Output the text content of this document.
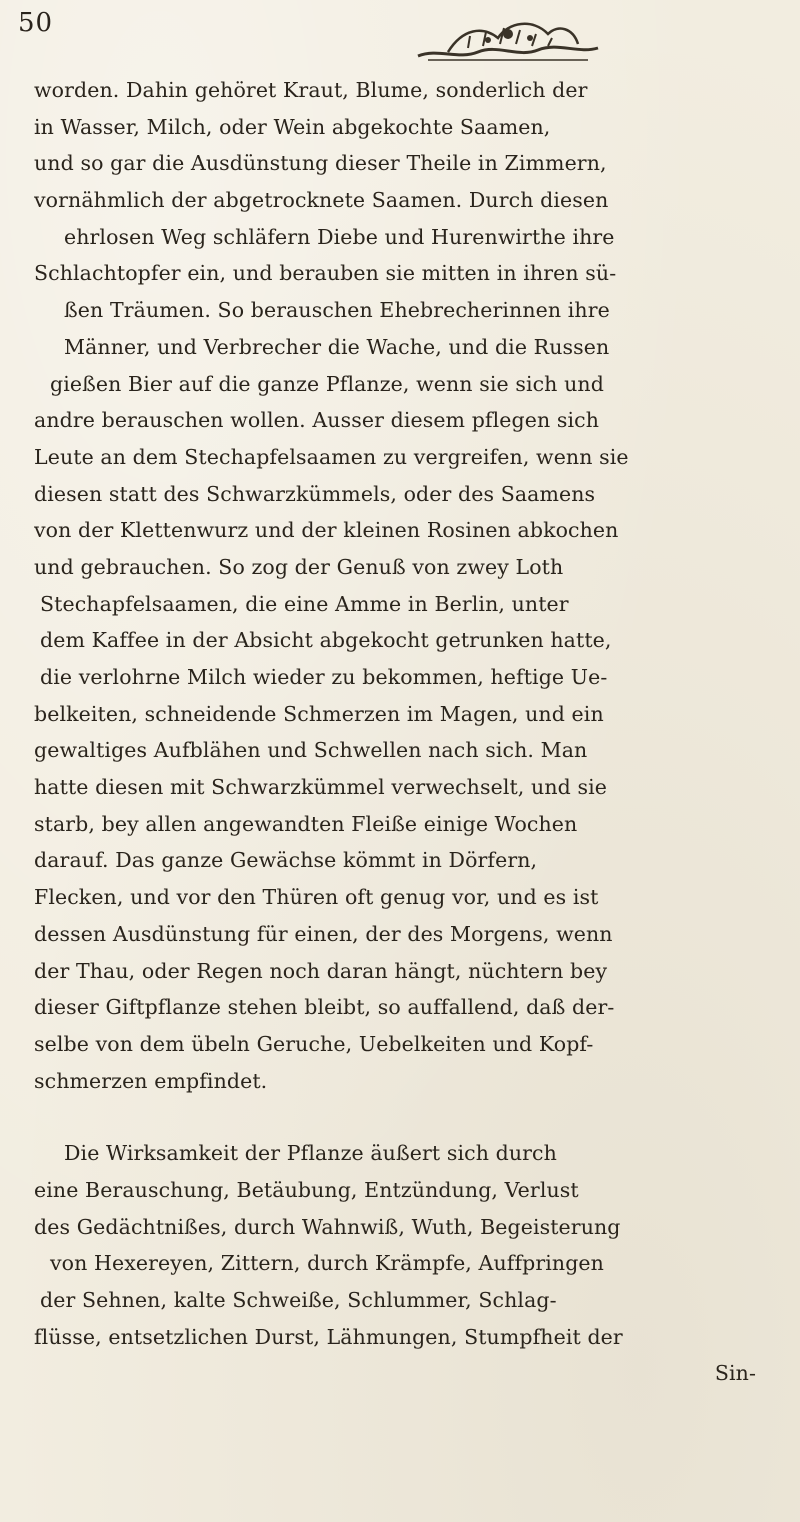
50
worden. Dahin gehöret Kraut, Blume, sonderlich der
in Wasser, Milch, oder Wein abgekochte Saamen,
und so gar die Ausdünstung dieser Theile in Zimmern,
vornähmlich der abgetrocknete Saamen. Durch diesen
ehrlosen Weg schläfern Diebe und Hurenwirthe ihre
Schlachtopfer ein, und berauben sie mitten in ihren sü-
ßen Träumen. So berauschen Ehebrecherinnen ihre
Männer, und Verbrecher die Wache, und die Russen
gießen Bier auf die ganze Pflanze, wenn sie sich und
andre berauschen wollen. Ausser diesem pflegen sich
Leute an dem Stechapfelsaamen zu vergreifen, wenn sie
diesen statt des Schwarzkümmels, oder des Saamens
von der Klettenwurz und der kleinen Rosinen abkochen
und gebrauchen. So zog der Genuß von zwey Loth
Stechapfelsaamen, die eine Amme in Berlin, unter
dem Kaffee in der Absicht abgekocht getrunken hatte,
die verlohrne Milch wieder zu bekommen, heftige Ue-
belkeiten, schneidende Schmerzen im Magen, und ein
gewaltiges Aufblähen und Schwellen nach sich. Man
hatte diesen mit Schwarzkümmel verwechselt, und sie
starb, bey allen angewandten Fleiße einige Wochen
darauf. Das ganze Gewächse kömmt in Dörfern,
Flecken, und vor den Thüren oft genug vor, und es ist
dessen Ausdünstung für einen, der des Morgens, wenn
der Thau, oder Regen noch daran hängt, nüchtern bey
dieser Giftpflanze stehen bleibt, so auffallend, daß der-
selbe von dem übeln Geruche, Uebelkeiten und Kopf-
schmerzen empfindet.
Die Wirksamkeit der Pflanze äußert sich durch
eine Berauschung, Betäubung, Entzündung, Verlust
des Gedächtnißes, durch Wahnwiß, Wuth, Begeisterung
von Hexereyen, Zittern, durch Krämpfe, Auffpringen
der Sehnen, kalte Schweiße, Schlummer, Schlag-
flüsse, entsetzlichen Durst, Lähmungen, Stumpfheit der
Sin-
